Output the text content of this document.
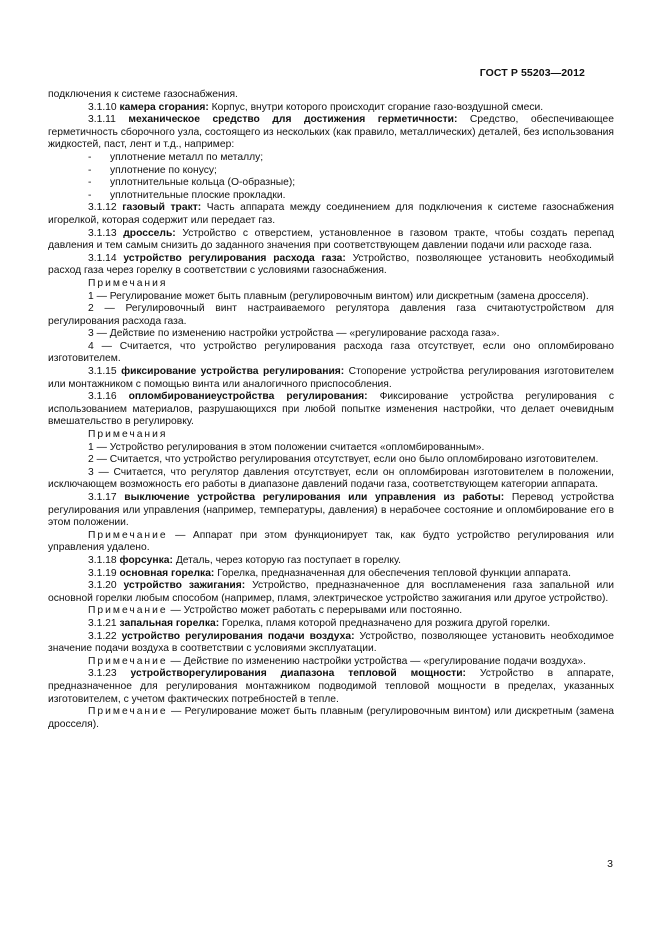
ГОСТ Р 55203—2012

подключения к системе газоснабжения.

3.1.10 камера сгорания: Корпус, внутри которого происходит сгорание газо-воздушной смеси.

3.1.11 механическое средство для достижения герметичности: Средство, обеспечивающее герметичность сборочного узла, состоящего из нескольких (как правило, металлических) деталей, без использования жидкостей, паст, лент и т.д., например:

- уплотнение металл по металлу;
- уплотнение по конусу;
- уплотнительные кольца (О-образные);
- уплотнительные плоские прокладки.

3.1.12 газовый тракт: Часть аппарата между соединением для подключения к системе газоснабжения игорелкой, которая содержит или передает газ.

3.1.13 дроссель: Устройство с отверстием, установленное в газовом тракте, чтобы создать перепад давления и тем самым снизить до заданного значения при соответствующем давлении подачи или расходе газа.

3.1.14 устройство регулирования расхода газа: Устройство, позволяющее установить необходимый расход газа через горелку в соответствии с условиями газоснабжения.

Примечания

1 — Регулирование может быть плавным (регулировочным винтом) или дискретным (замена дросселя).

2 — Регулировочный винт настраиваемого регулятора давления газа считаютустройством для регулирования расхода газа.

3 — Действие по изменению настройки устройства — «регулирование расхода газа».

4 — Считается, что устройство регулирования расхода газа отсутствует, если оно опломбировано изготовителем.

3.1.15 фиксирование устройства регулирования: Стопорение устройства регулирования изготовителем или монтажником с помощью винта или аналогичного приспособления.

3.1.16 опломбированиеустройства регулирования: Фиксирование устройства регулирования с использованием материалов, разрушающихся при любой попытке изменения настройки, что делает очевидным вмешательство в регулировку.

Примечания

1 — Устройство регулирования в этом положении считается «опломбированным».

2 — Считается, что устройство регулирования отсутствует, если оно было опломбировано изготовителем.

3 — Считается, что регулятор давления отсутствует, если он опломбирован изготовителем в положении, исключающем возможность его работы в диапазоне давлений подачи газа, соответствующем категории аппарата.

3.1.17 выключение устройства регулирования или управления из работы: Перевод устройства регулирования или управления (например, температуры, давления) в нерабочее состояние и опломбирование его в этом положении.

Примечание — Аппарат при этом функционирует так, как будто устройство регулирования или управления удалено.

3.1.18 форсунка: Деталь, через которую газ поступает в горелку.

3.1.19 основная горелка: Горелка, предназначенная для обеспечения тепловой функции аппарата.

3.1.20 устройство зажигания: Устройство, предназначенное для воспламенения газа запальной или основной горелки любым способом (например, пламя, электрическое устройство зажигания или другое устройство).

Примечание — Устройство может работать с перерывами или постоянно.

3.1.21 запальная горелка: Горелка, пламя которой предназначено для розжига другой горелки.

3.1.22 устройство регулирования подачи воздуха: Устройство, позволяющее установить необходимое значение подачи воздуха в соответствии с условиями эксплуатации.

Примечание — Действие по изменению настройки устройства — «регулирование подачи воздуха».

3.1.23 устройстворегулирования диапазона тепловой мощности: Устройство в аппарате, предназначенное для регулирования монтажником подводимой тепловой мощности в пределах, указанных изготовителем, с учетом фактических потребностей в тепле.

Примечание — Регулирование может быть плавным (регулировочным винтом) или дискретным (замена дросселя).

3
